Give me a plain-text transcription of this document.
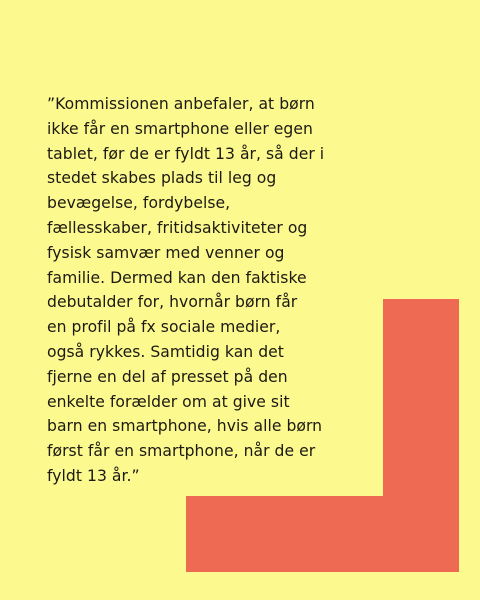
”Kommissionen anbefaler, at børn
ikke får en smartphone eller egen
tablet, før de er fyldt 13 år, så der i
stedet skabes plads til leg og
bevægelse, fordybelse,
fællesskaber, fritidsaktiviteter og
fysisk samvær med venner og
familie. Dermed kan den faktiske
debutalder for, hvornår børn får
en profil på fx sociale medier,
også rykkes. Samtidig kan det
fjerne en del af presset på den
enkelte forælder om at give sit
barn en smartphone, hvis alle børn
først får en smartphone, når de er
fyldt 13 år.”
